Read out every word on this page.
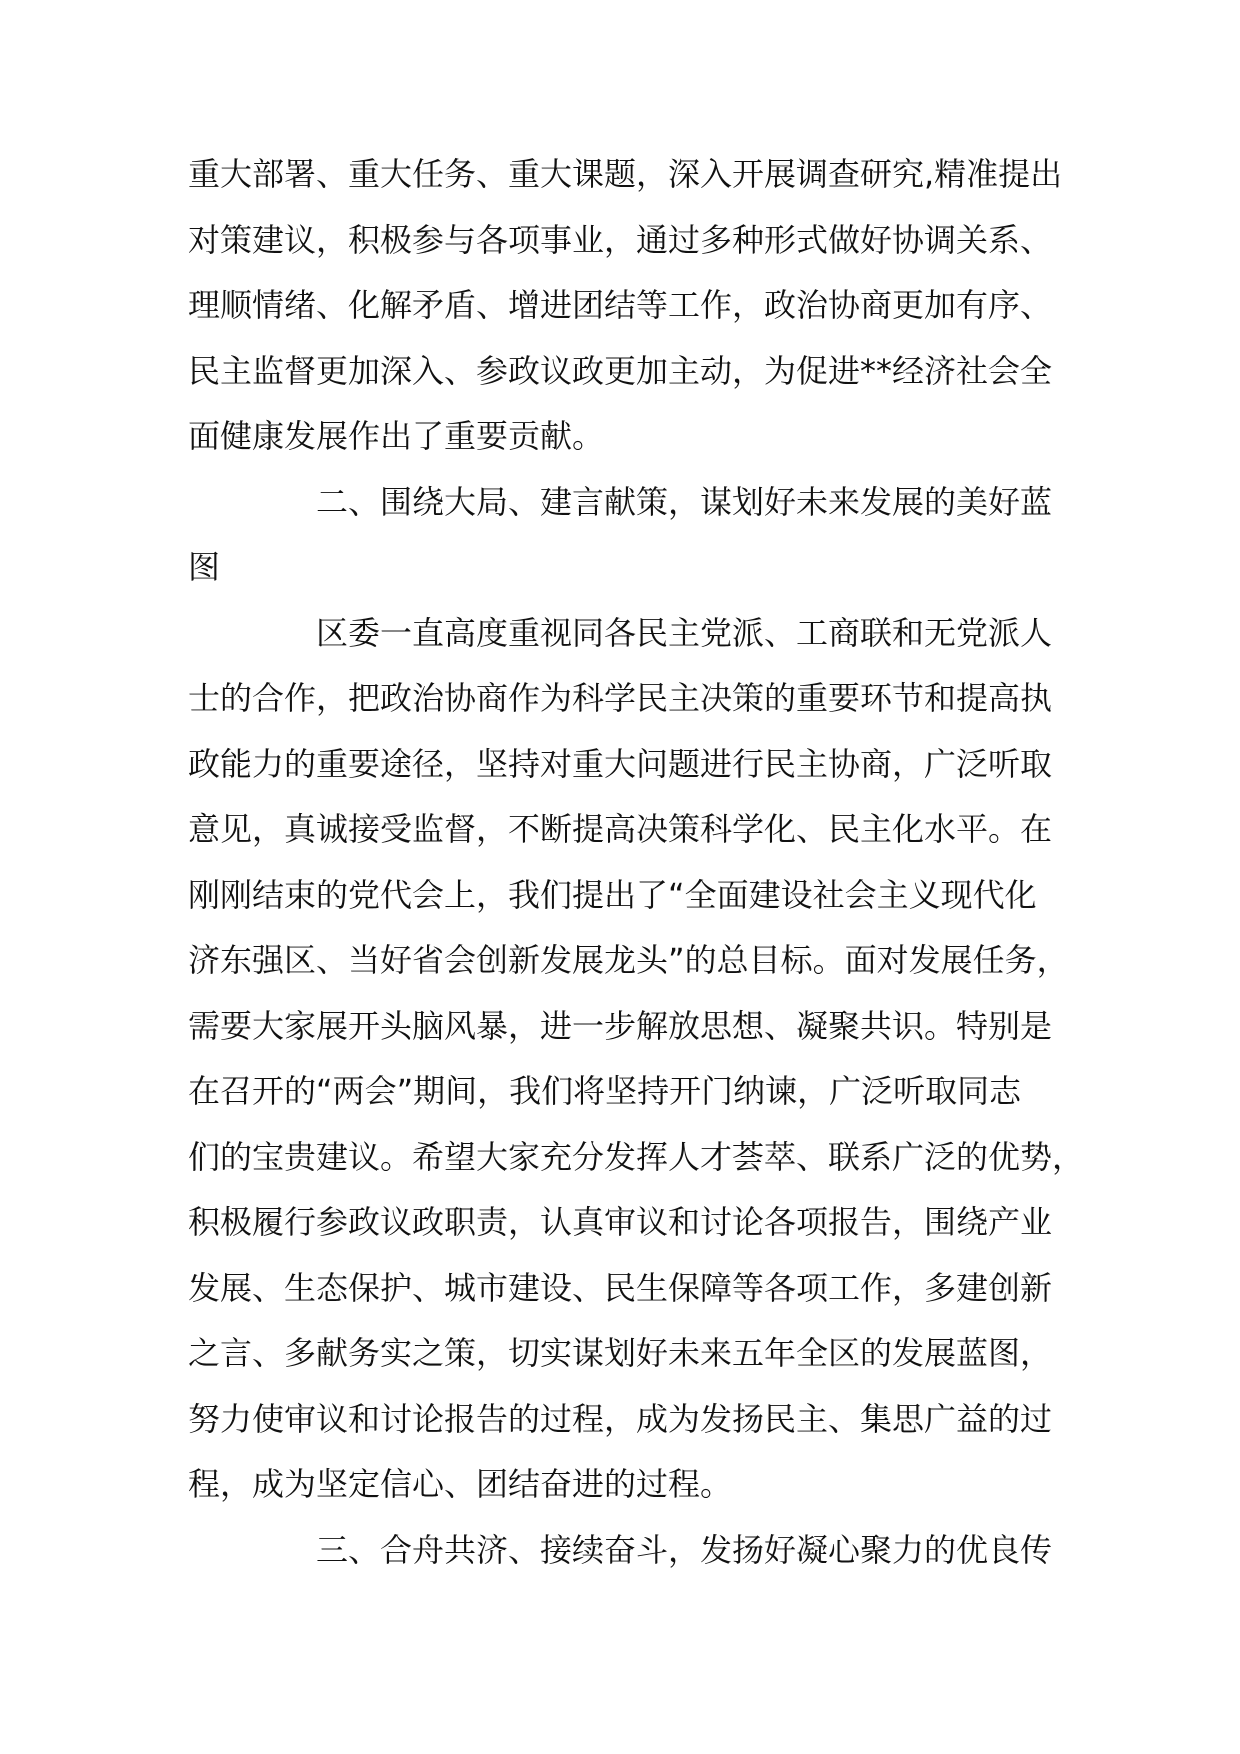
重大部署、重大任务、重大课题，深入开展调查研究,精准提出
对策建议，积极参与各项事业，通过多种形式做好协调关系、
理顺情绪、化解矛盾、增进团结等工作，政治协商更加有序、
民主监督更加深入、参政议政更加主动，为促进**经济社会全
面健康发展作出了重要贡献。
二、围绕大局、建言献策，谋划好未来发展的美好蓝
图
区委一直高度重视同各民主党派、工商联和无党派人
士的合作，把政治协商作为科学民主决策的重要环节和提高执
政能力的重要途径，坚持对重大问题进行民主协商，广泛听取
意见，真诚接受监督，不断提高决策科学化、民主化水平。在
刚刚结束的党代会上，我们提出了“全面建设社会主义现代化
济东强区、当好省会创新发展龙头”的总目标。面对发展任务，
需要大家展开头脑风暴，进一步解放思想、凝聚共识。特别是
在召开的“两会”期间，我们将坚持开门纳谏，广泛听取同志
们的宝贵建议。希望大家充分发挥人才荟萃、联系广泛的优势，
积极履行参政议政职责，认真审议和讨论各项报告，围绕产业
发展、生态保护、城市建设、民生保障等各项工作，多建创新
之言、多献务实之策，切实谋划好未来五年全区的发展蓝图，
努力使审议和讨论报告的过程，成为发扬民主、集思广益的过
程，成为坚定信心、团结奋进的过程。
三、合舟共济、接续奋斗，发扬好凝心聚力的优良传
